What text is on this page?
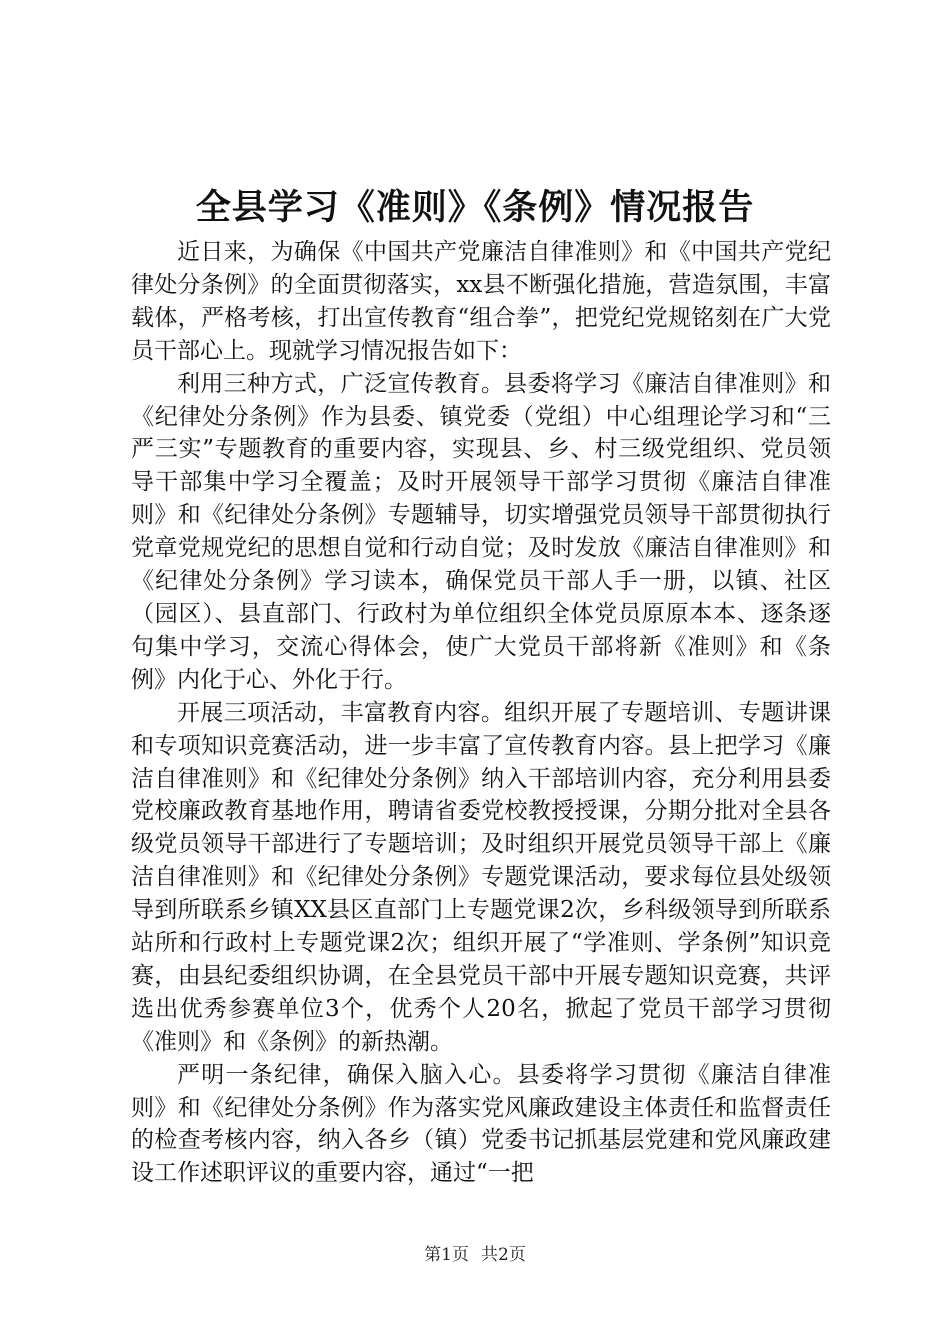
全县学习《准则》《条例》情况报告

近日来，为确保《中国共产党廉洁自律准则》和《中国共产党纪律处分条例》的全面贯彻落实，xx县不断强化措施，营造氛围，丰富载体，严格考核，打出宣传教育“组合拳”，把党纪党规铭刻在广大党员干部心上。现就学习情况报告如下：

利用三种方式，广泛宣传教育。县委将学习《廉洁自律准则》和《纪律处分条例》作为县委、镇党委（党组）中心组理论学习和“三严三实”专题教育的重要内容，实现县、乡、村三级党组织、党员领导干部集中学习全覆盖；及时开展领导干部学习贯彻《廉洁自律准则》和《纪律处分条例》专题辅导，切实增强党员领导干部贯彻执行党章党规党纪的思想自觉和行动自觉；及时发放《廉洁自律准则》和《纪律处分条例》学习读本，确保党员干部人手一册，以镇、社区（园区）、县直部门、行政村为单位组织全体党员原原本本、逐条逐句集中学习，交流心得体会，使广大党员干部将新《准则》和《条例》内化于心、外化于行。

开展三项活动，丰富教育内容。组织开展了专题培训、专题讲课和专项知识竞赛活动，进一步丰富了宣传教育内容。县上把学习《廉洁自律准则》和《纪律处分条例》纳入干部培训内容，充分利用县委党校廉政教育基地作用，聘请省委党校教授授课，分期分批对全县各级党员领导干部进行了专题培训；及时组织开展党员领导干部上《廉洁自律准则》和《纪律处分条例》专题党课活动，要求每位县处级领导到所联系乡镇XX县区直部门上专题党课2次，乡科级领导到所联系站所和行政村上专题党课2次；组织开展了“学准则、学条例”知识竞赛，由县纪委组织协调，在全县党员干部中开展专题知识竞赛，共评选出优秀参赛单位3个，优秀个人20名，掀起了党员干部学习贯彻《准则》和《条例》的新热潮。

严明一条纪律，确保入脑入心。县委将学习贯彻《廉洁自律准则》和《纪律处分条例》作为落实党风廉政建设主体责任和监督责任的检查考核内容，纳入各乡（镇）党委书记抓基层党建和党风廉政建设工作述职评议的重要内容，通过“一把

第1页 共2页
